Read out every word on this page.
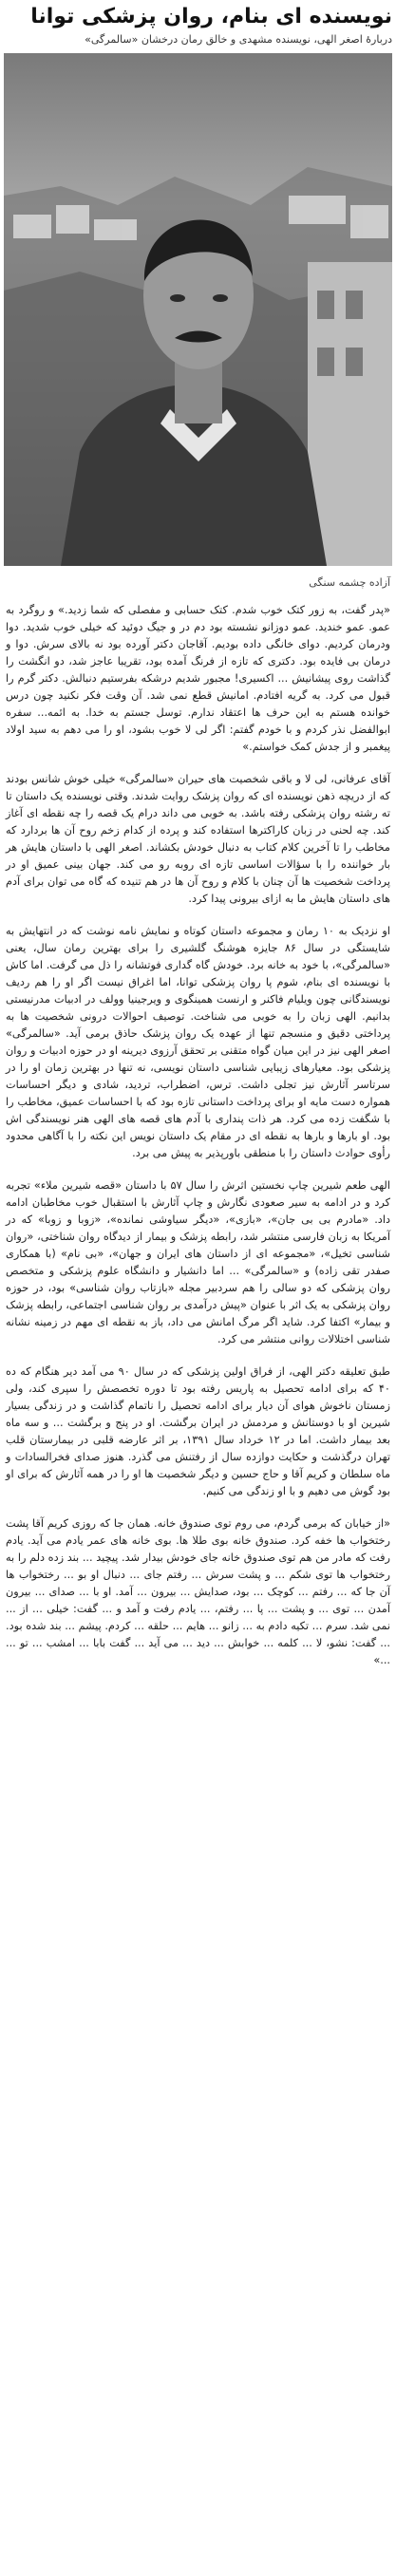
نویسنده ای بنام، روان پزشکی توانا
دربارۀ اصغر الهی، نویسنده مشهدی و خالق رمان درخشان «سالمرگی»
آزاده چشمه سنگی

«پدر گفت، به زور کتک خوب شدم. کتک حسابی و مفصلی که شما زدید.» و روگرد به عمو. عمو خندید. عمو دوزانو نشسته بود دم در و جیگ دوئید که خیلی خوب شدید. دوا ودرمان کردیم. دوای خانگی داده بودیم. آقاجان دکتر آورده بود نه بالای سرش. دوا و درمان بی فایده بود. دکتری که تازه از فرنگ آمده بود، تقریبا عاجز شد، دو انگشت را گذاشت روی پیشانیش ... اکسیری! مجبور شدیم درشکه بفرستیم دنبالش. دکتر گرم را قبول می کرد. به گریه افتادم. امانیش قطع نمی شد. آن وقت فکر نکنید چون درس خوانده هستم به این حرف ها اعتقاد ندارم. توسل جستم به خدا. به ائمه... سفره ابوالفضل نذر کردم و با خودم گفتم: اگر لی لا خوب بشود، او را می دهم به سید اولاد پیغمبر و از جدش کمک خواستم.»

آقای عرفانی، لی لا و باقی شخصیت های حیران «سالمرگی» خیلی خوش شانس بودند که از دریچه ذهن نویسنده ای که روان پزشک روایت شدند. وقتی نویسنده یک داستان تا ته رشته روان پزشکی رفته باشد. به خوبی می داند درام یک قصه را چه نقطه ای آغاز کند. چه لحنی در زبان کاراکترها استفاده کند و پرده از کدام زخم روح آن ها بردارد که مخاطب را تا آخرین کلام کتاب به دنبال خودش بکشاند. اصغر الهی با داستان هایش هر بار خواننده را با سؤالات اساسی تازه ای روبه رو می کند. جهان بینی عمیق او در پرداخت شخصیت ها آن چنان با کلام و روح آن ها در هم تنیده که گاه می توان برای آدم های داستان هایش ما به ازای بیرونی پیدا کرد.

او نزدیک به ۱۰ رمان و مجموعه داستان کوتاه و نمایش نامه نوشت که در انتهایش به شایستگی در سال ۸۶ جایزه هوشنگ گلشیری را برای بهترین رمان سال، یعنی «سالمرگی»، با خود به خانه برد. خودش گاه گداری فوتشانه را ذل می گرفت. اما کاش با نویسنده ای بنام، شوم پا روان پزشکی توانا، اما اغراق نیست اگر او را هم ردیف نویسندگانی چون ویلیام فاکنر و ارنست همینگوی و ویرجینیا وولف در ادبیات مدرنیستی بدانیم. الهی زبان را به خوبی می شناخت. توصیف احوالات درونی شخصیت ها به پرداختی دقیق و منسجم تنها از عهده یک روان پزشک حاذق برمی آید. «سالمرگی» اصغر الهی نیز در این میان گواه متقنی بر تحقق آرزوی دیرینه او در حوزه ادبیات و روان پزشکی بود. معیارهای زیبایی شناسی داستان نویسی، نه تنها در بهترین زمان او را در سرتاسر آثارش نیز تجلی داشت. ترس، اضطراب، تردید، شادی و دیگر احساسات همواره دست مایه او برای پرداخت داستانی تازه بود که با احساسات عمیق، مخاطب را با شگفت زده می کرد. هر ذات پنداری با آدم های قصه های الهی هنر نویسندگی اش بود. او بارها و بارها به نقطه ای در مقام یک داستان نویس این نکته را با آگاهی محدود رأوی حوادث داستان را با منطقی باورپذیر به پیش می برد.

الهی طعم شیرین چاپ نخستین اثرش را سال ۵۷ با داستان «قصه شیرین ملاء» تجربه کرد و در ادامه به سیر صعودی نگارش و چاپ آثارش با استقبال خوب مخاطبان ادامه داد. «مادرم بی بی جان»، «بازی»، «دیگر سیاوشی نمانده»، «زوبا و زوبا» که در آمریکا به زبان فارسی منتشر شد، رابطه پزشک و بیمار از دیدگاه روان شناختی، «روان شناسی تخیل»، «مجموعه ای از داستان های ایران و جهان»، «بی نام» (با همکاری صفدر تقی زاده) و «سالمرگی» ... اما دانشیار و دانشگاه علوم پزشکی و متخصص روان پزشکی که دو سالی را هم سردبیر مجله «بازتاب روان شناسی» بود، در حوزه روان پزشکی به یک اثر با عنوان «پیش درآمدی بر روان شناسی اجتماعی، رابطه پزشک و بیمار» اکتفا کرد. شاید اگر مرگ امانش می داد، باز به نقطه ای مهم در زمینه نشانه شناسی اختلالات روانی منتشر می کرد.

طبق تعلیقه دکتر الهی، از فراق اولین پزشکی که در سال ۹۰ می آمد دیر هنگام که ده ۴۰ که برای ادامه تحصیل به پاریس رفته بود تا دوره تخصصش را سپری کند، ولی زمستان ناخوش هوای آن دیار برای ادامه تحصیل را ناتمام گذاشت و در زندگی بسیار شیرین او با دوستانش و مردمش در ایران برگشت. او در پنج و برگشت ... و سه ماه بعد بیمار داشت. اما در ۱۲ خرداد سال ۱۳۹۱، بر اثر عارضه قلبی در بیمارستان قلب تهران درگذشت و حکایت دوازده سال از رفتنش می گذرد. هنوز صدای فخرالسادات و ماه سلطان و کریم آقا و حاج حسین و دیگر شخصیت ها او را در همه آثارش که برای او بود گوش می دهیم و با او زندگی می کنیم.

«از خیابان که برمی گردم، می روم توی صندوق خانه. همان جا که روزی کریم آقا پشت رختخواب ها خفه کرد. صندوق خانه بوی طلا ها. بوی خانه های عمر یادم می آید. یادم رفت که مادر من هم توی صندوق خانه جای خودش بیدار شد. پیچید ... بند زده دلم را به رختخواب ها توی شکم ... و پشت سرش ... رفتم جای ... دنبال او بو ... رختخواب ها آن جا که ... رفتم ... کوچک ... بود، صدایش ... بیرون ... آمد. او با ... صدای ... بیرون آمدن ... توی ... و پشت ... پا ... رفتم، ... یادم رفت و آمد و ... گفت: خیلی ... از ... نمی شد. سرم ... تکیه دادم به ... زانو ... هایم ... حلقه ... کردم. پیشم ... بند شده بود. ... گفت: نشو، لا ... کلمه ... خوابش ... دید ... می آید ... گفت بابا ... امشب ... تو ... ...»
